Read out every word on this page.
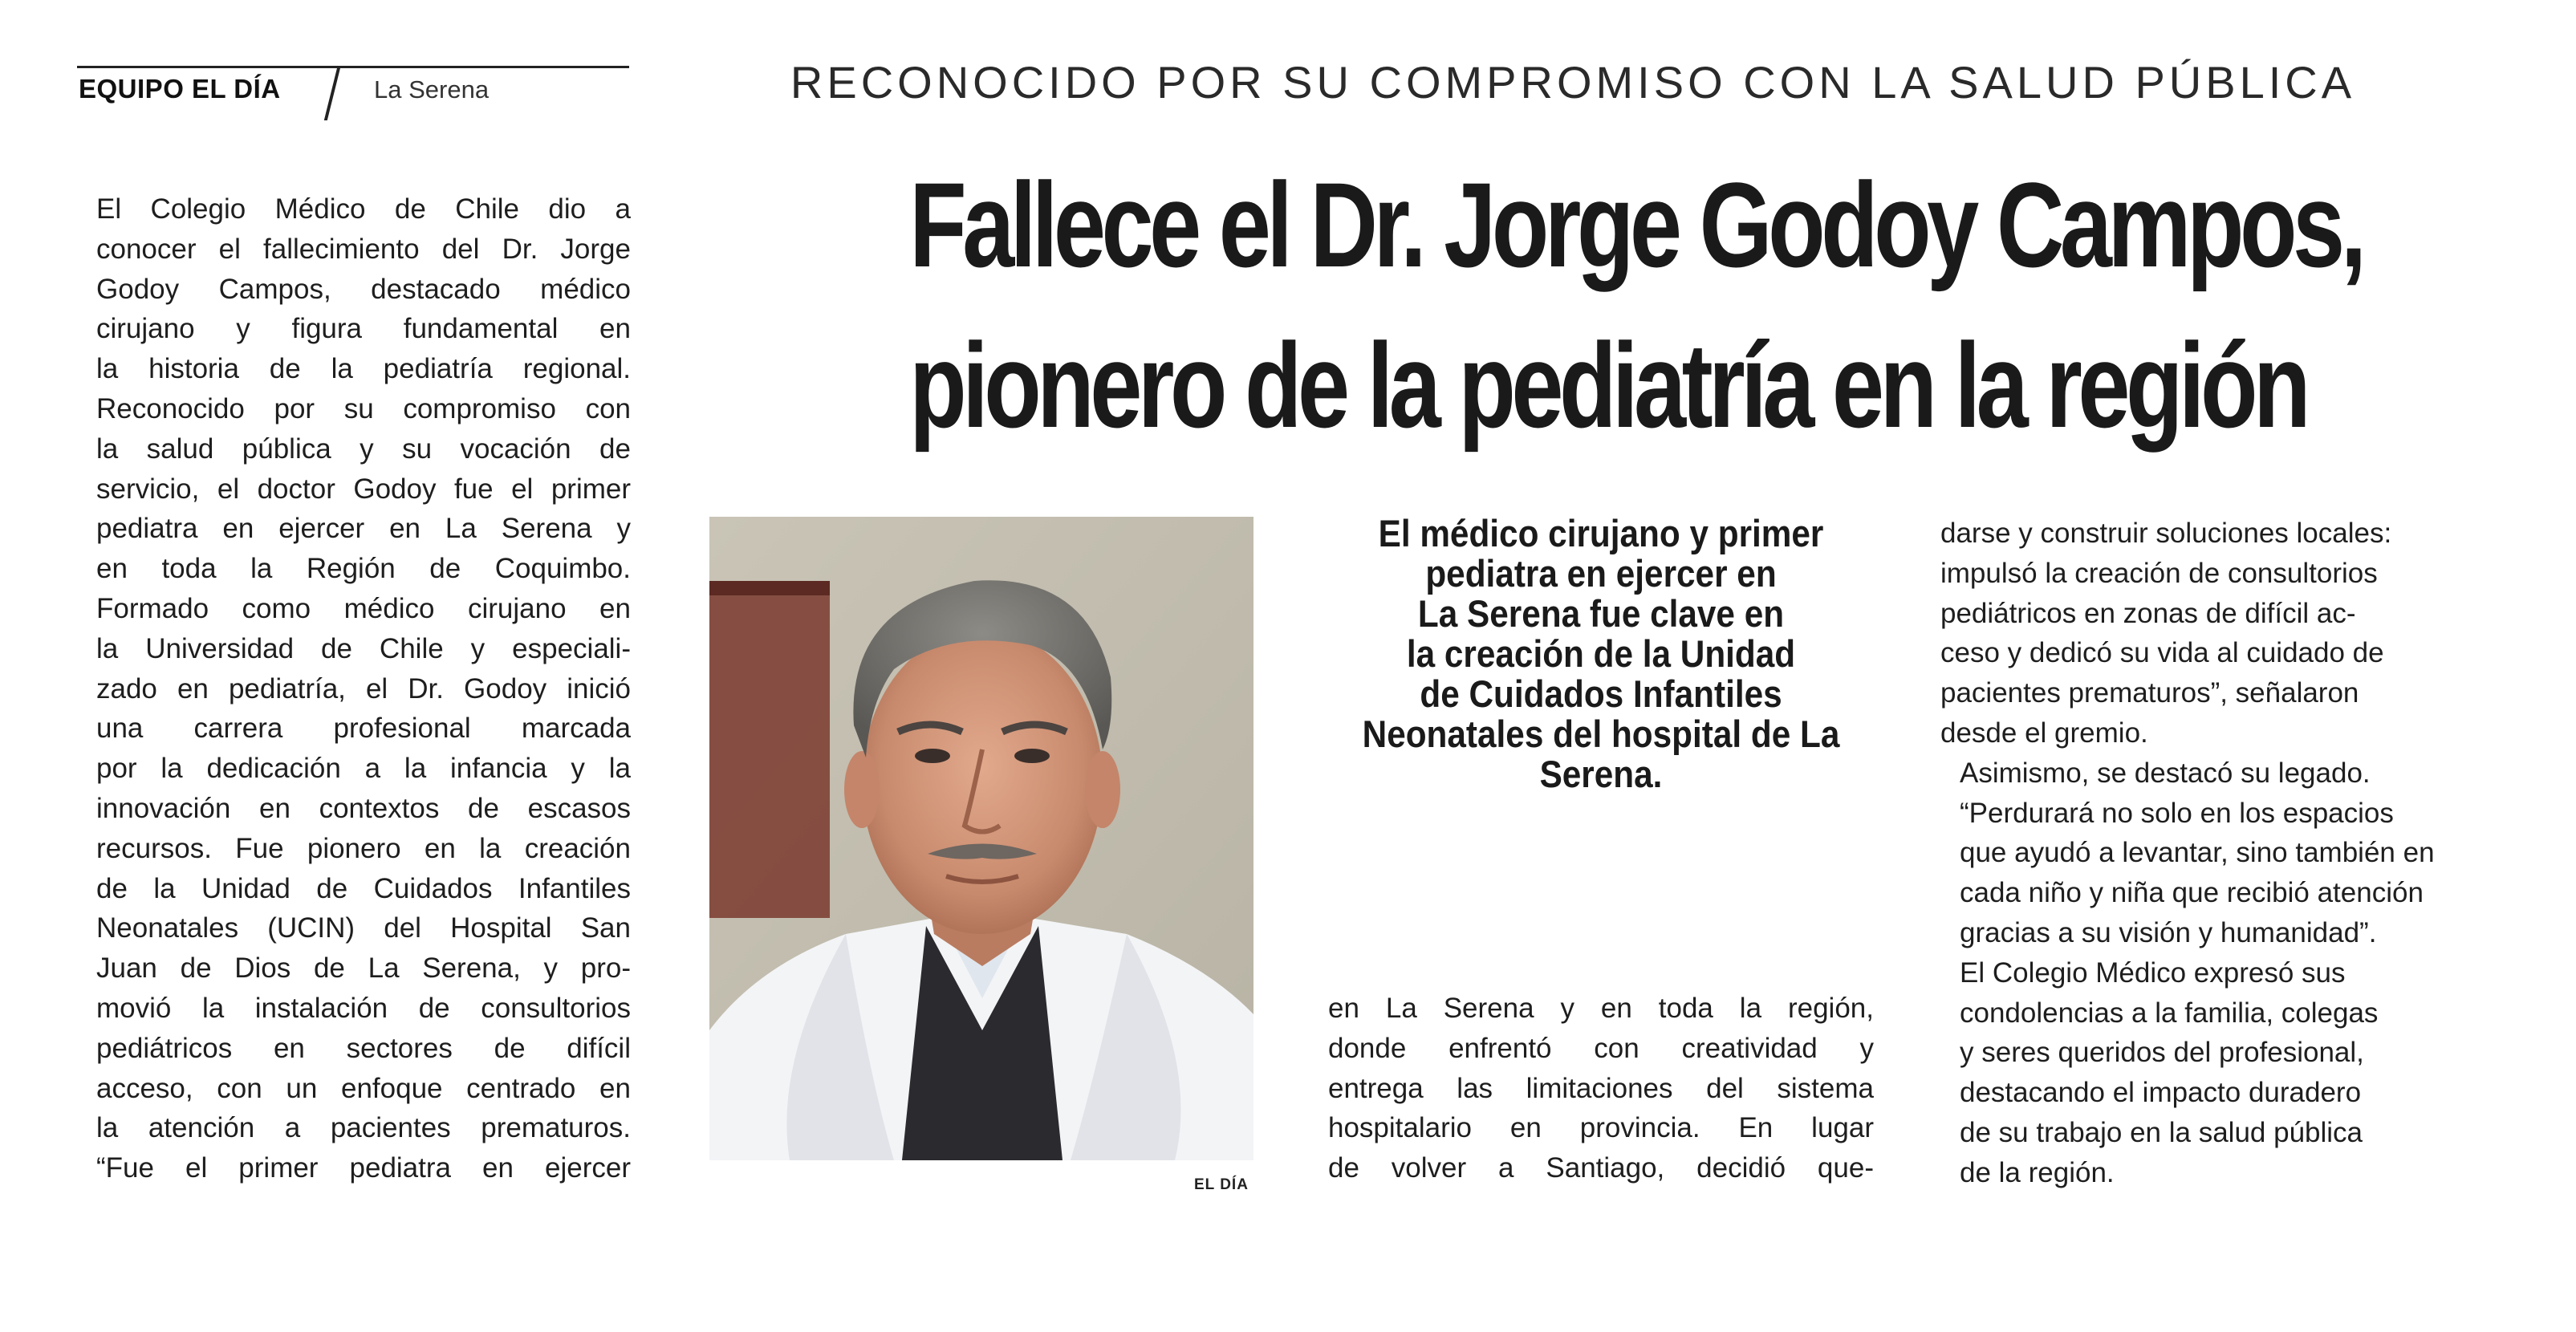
EQUIPO EL DÍA	La Serena	RECONOCIDO POR SU COMPROMISO CON LA SALUD PÚBLICA
Fallece el Dr. Jorge Godoy Campos,
pionero de la pediatría en la región

El Colegio Médico de Chile dio a
conocer el fallecimiento del Dr. Jorge
Godoy Campos, destacado médico
cirujano y figura fundamental en
la historia de la pediatría regional.
Reconocido por su compromiso con
la salud pública y su vocación de
servicio, el doctor Godoy fue el primer
pediatra en ejercer en La Serena y
en toda la Región de Coquimbo.

Formado como médico cirujano en
la Universidad de Chile y especiali-
zado en pediatría, el Dr. Godoy inició
una carrera profesional marcada
por la dedicación a la infancia y la
innovación en contextos de escasos
recursos. Fue pionero en la creación
de la Unidad de Cuidados Infantiles
Neonatales (UCIN) del Hospital San
Juan de Dios de La Serena, y pro-
movió la instalación de consultorios
pediátricos en sectores de difícil
acceso, con un enfoque centrado en
la atención a pacientes prematuros.

“Fue el primer pediatra en ejercer

EL DÍA
El médico cirujano y primer
pediatra en ejercer en
La Serena fue clave en
la creación de la Unidad
de Cuidados Infantiles
Neonatales del hospital de La
Serena.

en La Serena y en toda la región,
donde enfrentó con creatividad y
entrega las limitaciones del sistema
hospitalario en provincia. En lugar
de volver a Santiago, decidió que-

darse y construir soluciones locales:
impulsó la creación de consultorios
pediátricos en zonas de difícil ac-
ceso y dedicó su vida al cuidado de
pacientes prematuros”, señalaron
desde el gremio.

Asimismo, se destacó su legado.
“Perdurará no solo en los espacios
que ayudó a levantar, sino también en
cada niño y niña que recibió atención
gracias a su visión y humanidad”.

El Colegio Médico expresó sus
condolencias a la familia, colegas
y seres queridos del profesional,
destacando el impacto duradero
de su trabajo en la salud pública
de la región.
